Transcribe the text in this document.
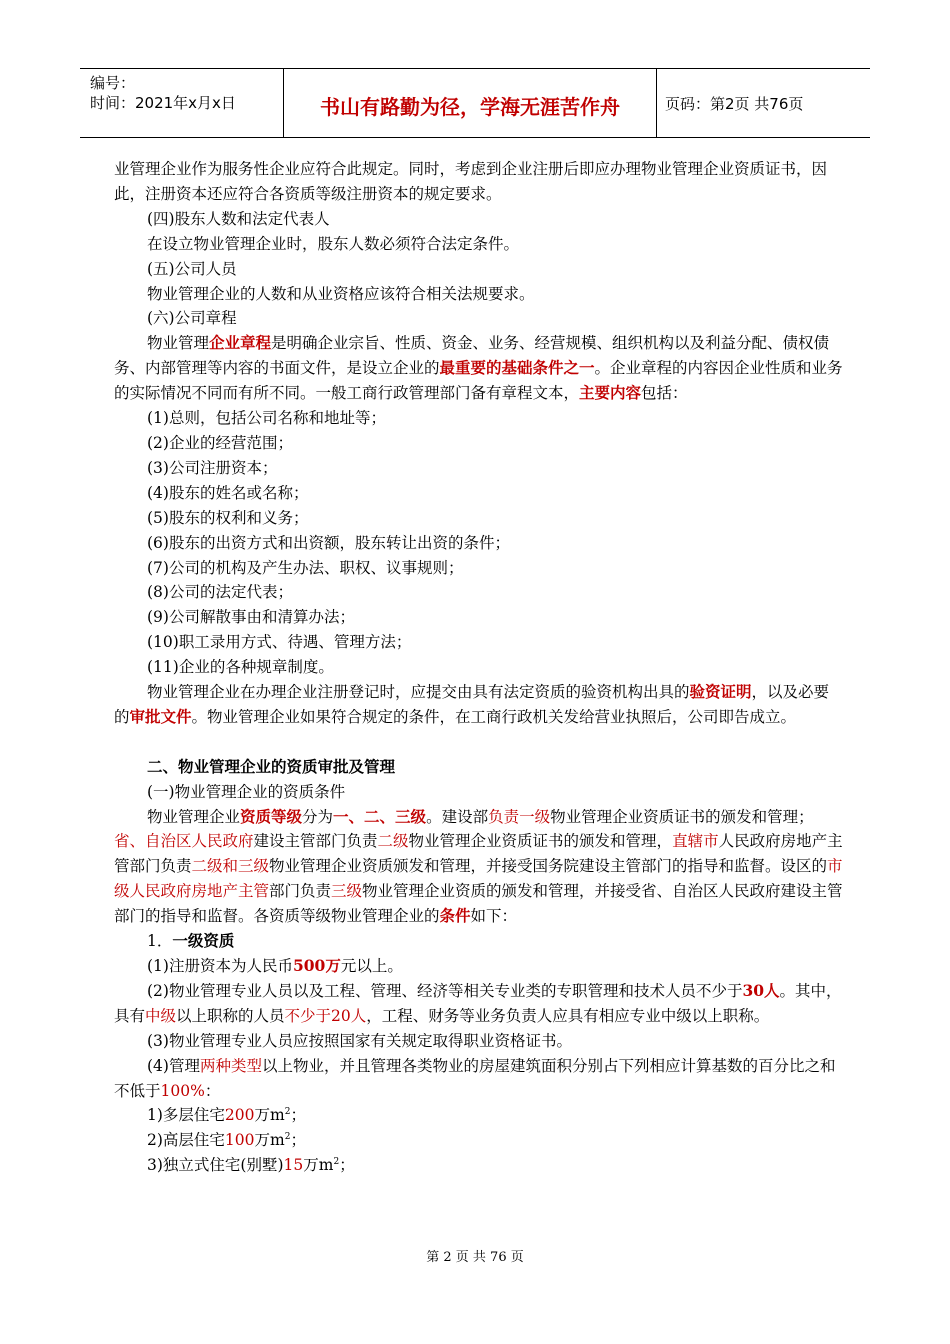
编号：
时间：2021年x月x日	书山有路勤为径，学海无涯苦作舟	页码：第2页 共76页

业管理企业作为服务性企业应符合此规定。同时，考虑到企业注册后即应办理物业管理企业资质证书，因此，注册资本还应符合各资质等级注册资本的规定要求。

(四)股东人数和法定代表人

在设立物业管理企业时，股东人数必须符合法定条件。

(五)公司人员

物业管理企业的人数和从业资格应该符合相关法规要求。

(六)公司章程

物业管理企业章程是明确企业宗旨、性质、资金、业务、经营规模、组织机构以及利益分配、债权债务、内部管理等内容的书面文件，是设立企业的最重要的基础条件之一。企业章程的内容因企业性质和业务的实际情况不同而有所不同。一般工商行政管理部门备有章程文本，主要内容包括：

(1)总则，包括公司名称和地址等；

(2)企业的经营范围；

(3)公司注册资本；

(4)股东的姓名或名称；

(5)股东的权利和义务；

(6)股东的出资方式和出资额，股东转让出资的条件；

(7)公司的机构及产生办法、职权、议事规则；

(8)公司的法定代表；

(9)公司解散事由和清算办法；

(10)职工录用方式、待遇、管理方法；

(11)企业的各种规章制度。

物业管理企业在办理企业注册登记时，应提交由具有法定资质的验资机构出具的验资证明，以及必要的审批文件。物业管理企业如果符合规定的条件，在工商行政机关发给营业执照后，公司即告成立。

二、物业管理企业的资质审批及管理

(一)物业管理企业的资质条件

物业管理企业资质等级分为一、二、三级。建设部负责一级物业管理企业资质证书的颁发和管理；省、自治区人民政府建设主管部门负责二级物业管理企业资质证书的颁发和管理，直辖市人民政府房地产主管部门负责二级和三级物业管理企业资质颁发和管理，并接受国务院建设主管部门的指导和监督。设区的市级人民政府房地产主管部门负责三级物业管理企业资质的颁发和管理，并接受省、自治区人民政府建设主管部门的指导和监督。各资质等级物业管理企业的条件如下：

1．一级资质

(1)注册资本为人民币500万元以上。

(2)物业管理专业人员以及工程、管理、经济等相关专业类的专职管理和技术人员不少于30人。其中，具有中级以上职称的人员不少于20人，工程、财务等业务负责人应具有相应专业中级以上职称。

(3)物业管理专业人员应按照国家有关规定取得职业资格证书。

(4)管理两种类型以上物业，并且管理各类物业的房屋建筑面积分别占下列相应计算基数的百分比之和不低于100%：

1)多层住宅200万$m^2$；

2)高层住宅100万$m^2$；

3)独立式住宅(别墅)15万$m^2$；

第 2 页 共 76 页
